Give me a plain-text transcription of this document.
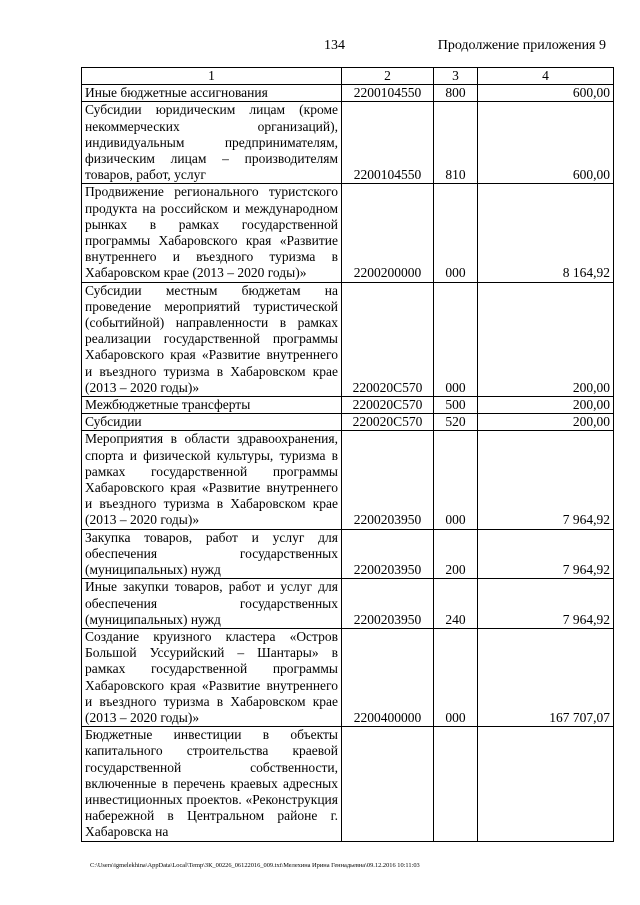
134	Продолжение приложения 9
1	2	3	4
Иные бюджетные ассигнования	2200104550	800	600,00
Субсидии юридическим лицам (кроме некоммерческих организаций), индивидуальным предпринимателям, физическим лицам – производителям товаров, работ, услуг	2200104550	810	600,00
Продвижение регионального туристского продукта на российском и международном рынках в рамках государственной программы Хабаровского края «Развитие внутреннего и въездного туризма в Хабаровском крае (2013 – 2020 годы)»	2200200000	000	8 164,92
Субсидии местным бюджетам на проведение мероприятий туристической (событийной) направленности в рамках реализации государственной программы Хабаровского края «Развитие внутреннего и въездного туризма в Хабаровском крае (2013 – 2020 годы)»	220020С570	000	200,00
Межбюджетные трансферты	220020С570	500	200,00
Субсидии	220020С570	520	200,00
Мероприятия в области здравоохранения, спорта и физической культуры, туризма в рамках государственной программы Хабаровского края «Развитие внутреннего и въездного туризма в Хабаровском крае (2013 – 2020 годы)»	2200203950	000	7 964,92
Закупка товаров, работ и услуг для обеспечения государственных (муниципальных) нужд	2200203950	200	7 964,92
Иные закупки товаров, работ и услуг для обеспечения государственных (муниципальных) нужд	2200203950	240	7 964,92
Создание круизного кластера «Остров Большой Уссурийский – Шантары» в рамках государственной программы Хабаровского края «Развитие внутреннего и въездного туризма в Хабаровском крае (2013 – 2020 годы)»	2200400000	000	167 707,07
Бюджетные инвестиции в объекты капитального строительства краевой государственной собственности, включенные в перечень краевых адресных инвестиционных проектов. «Реконструкция набережной в Центральном районе г. Хабаровска на			
C:\Users\igmelekhina\AppData\Local\Temp\ЗК_00226_06122016_009.txt\Мелехина Ирина Геннадьевна\09.12.2016 10:11:03
